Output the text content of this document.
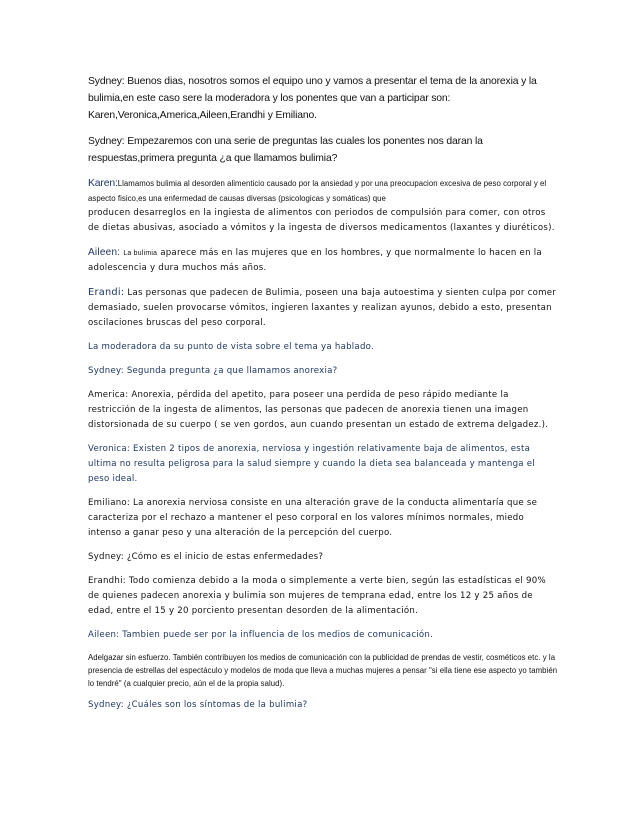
Sydney: Buenos dias, nosotros somos el equipo uno y vamos a presentar el tema de la anorexia y la bulimia,en este caso sere la moderadora y los ponentes que van a participar son: Karen,Veronica,America,Aileen,Erandhi y Emiliano.

Sydney: Empezaremos con una serie de preguntas las cuales los ponentes nos daran la respuestas,primera pregunta ¿a que llamamos bulimia?

Karen:Llamamos bulimia al desorden alimenticio causado por la ansiedad y por una preocupacion excesiva de peso corporal y el aspecto fisico,es una enfermedad de causas diversas (psicologicas y somáticas) que

producen desarreglos en la ingiesta de alimentos con periodos de compulsión para comer, con otros de dietas abusivas, asociado a vómitos y la ingesta de diversos medicamentos (laxantes y diuréticos).

Aileen: La bulimia aparece más en las mujeres que en los hombres, y que normalmente lo hacen en la adolescencia y dura muchos más años.

Erandi: Las personas que padecen de Bulimia, poseen una baja autoestima y sienten culpa por comer demasiado, suelen provocarse vómitos, ingieren laxantes y realizan ayunos, debido a esto, presentan oscilaciones bruscas del peso corporal.

La moderadora da su punto de vista sobre el tema ya hablado.

Sydney: Segunda pregunta ¿a que llamamos anorexia?

America: Anorexia, pérdida del apetito, para poseer una perdida de peso rápido mediante la restricción de la ingesta de alimentos, las personas que padecen de anorexia tienen una imagen distorsionada de su cuerpo ( se ven gordos, aun cuando presentan un estado de extrema delgadez.).

Veronica: Existen 2 tipos de anorexia, nerviosa y ingestión relativamente baja de alimentos, esta ultima no resulta peligrosa para la salud siempre y cuando la dieta sea balanceada y mantenga el peso ideal.

Emiliano: La anorexia nerviosa consiste en una alteración grave de la conducta alimentaría que se caracteriza por el rechazo a mantener el peso corporal en los valores mínimos normales, miedo intenso a ganar peso y una alteración de la percepción del cuerpo.

Sydney: ¿Cómo es el inicio de estas enfermedades?

Erandhi: Todo comienza debido a la moda o simplemente a verte bien, según las estadísticas el 90% de quienes padecen anorexia y bulimia son mujeres de temprana edad, entre los 12 y 25 años de edad, entre el 15 y 20 porciento presentan desorden de la alimentación.

Aileen: Tambien puede ser por la influencia de los medios de comunicación.

Adelgazar sin esfuerzo. También contribuyen los medios de comunicación con la publicidad de prendas de vestir, cosméticos etc. y la presencia de estrellas del espectáculo y modelos de moda que lleva a muchas mujeres a pensar "si ella tiene ese aspecto yo también lo tendré" (a cualquier precio, aún el de la propia salud).

Sydney: ¿Cuáles son los síntomas de la bulimia?
